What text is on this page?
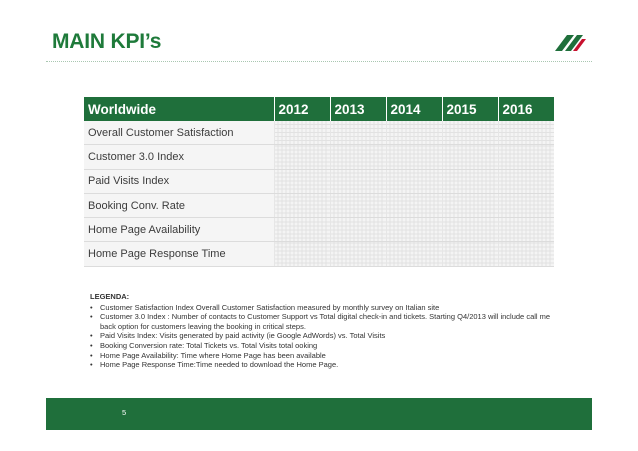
MAIN KPI’s
Worldwide	2012	2013	2014	2015	2016
Overall Customer Satisfaction					
Customer 3.0 Index					
Paid Visits Index					
Booking Conv. Rate					
Home Page Availability					
Home Page Response Time					
LEGENDA:
• Customer Satisfaction Index Overall Customer Satisfaction measured by monthly survey on Italian site
• Customer 3.0 Index : Number of contacts to Customer Support vs Total digital check-in and tickets. Starting Q4/2013 will include call me back option for customers leaving the booking in critical steps.
• Paid Visits Index: Visits generated by paid activity (ie Google AdWords) vs. Total Visits
• Booking Conversion rate: Total Tickets vs. Total Visits total ooking
• Home Page Availability: Time where Home Page has been available
• Home Page Response Time:Time needed to download the Home Page.
5
